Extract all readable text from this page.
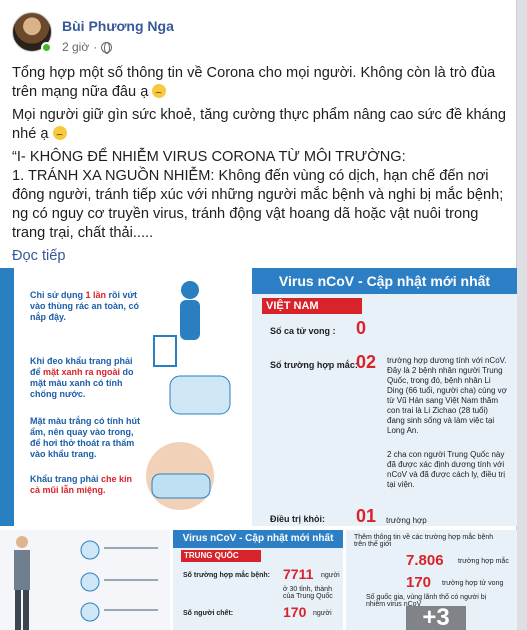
Bùi Phương Nga
2 giờ ·

Tổng hợp một số thông tin về Corona cho mọi người. Không còn là trò đùa trên mạng nữa đâu ạ

Mọi người giữ gìn sức khoẻ, tăng cường thực phẩm nâng cao sức đề kháng nhé ạ

“I- KHÔNG ĐỂ NHIỄM VIRUS CORONA TỪ MÔI TRƯỜNG:

1. TRÁNH XA NGUỒN NHIỄM: Không đến vùng có dịch, hạn chế đến nơi đông người, tránh tiếp xúc với những người mắc bệnh và nghi bị mắc bệnh; ng có nguy cơ truyền virus, tránh động vật hoang dã hoặc vật nuôi trong trang trại, chất thải.....

Đọc tiếp

Chỉ sử dụng 1 lần rồi vứt vào thùng rác an toàn, có nắp đậy.
Khi đeo khẩu trang phải để mặt xanh ra ngoài do mặt màu xanh có tính chống nước.
Mặt màu trắng có tính hút ẩm, nên quay vào trong, để hơi thở thoát ra thấm vào khẩu trang.
Khẩu trang phải che kín cả mũi lẫn miệng.
Virus nCoV - Cập nhật mới nhất
VIỆT NAM
Số ca tử vong : 0
Số trường hợp mắc:
02 trường hợp dương tính với nCoV. Đây là 2 bệnh nhân người Trung Quốc, trong đó, bệnh nhân Li Ding (66 tuổi, người cha) cùng vợ từ Vũ Hán sang Việt Nam thăm con trai là Li Zichao (28 tuổi) đang sinh sống và làm việc tại Long An.
2 cha con người Trung Quốc này đã được xác định dương tính với nCoV và đã được cách ly, điều trị tại viện.
Điều trị khỏi: 01 trường hợp
Virus nCoV - Cập nhật mới nhất
TRUNG QUỐC
Số trường hợp mắc bệnh: 7711 người
ở 30 tỉnh, thành của Trung Quốc
Số người chết:	170 người
Thêm thông tin về các trường hợp mắc bệnh trên thế giới
7.806 trường hợp mắc
170 trường hợp tử vong
Số quốc gia, vùng lãnh thổ có người bị nhiễm virus nCoV +3
